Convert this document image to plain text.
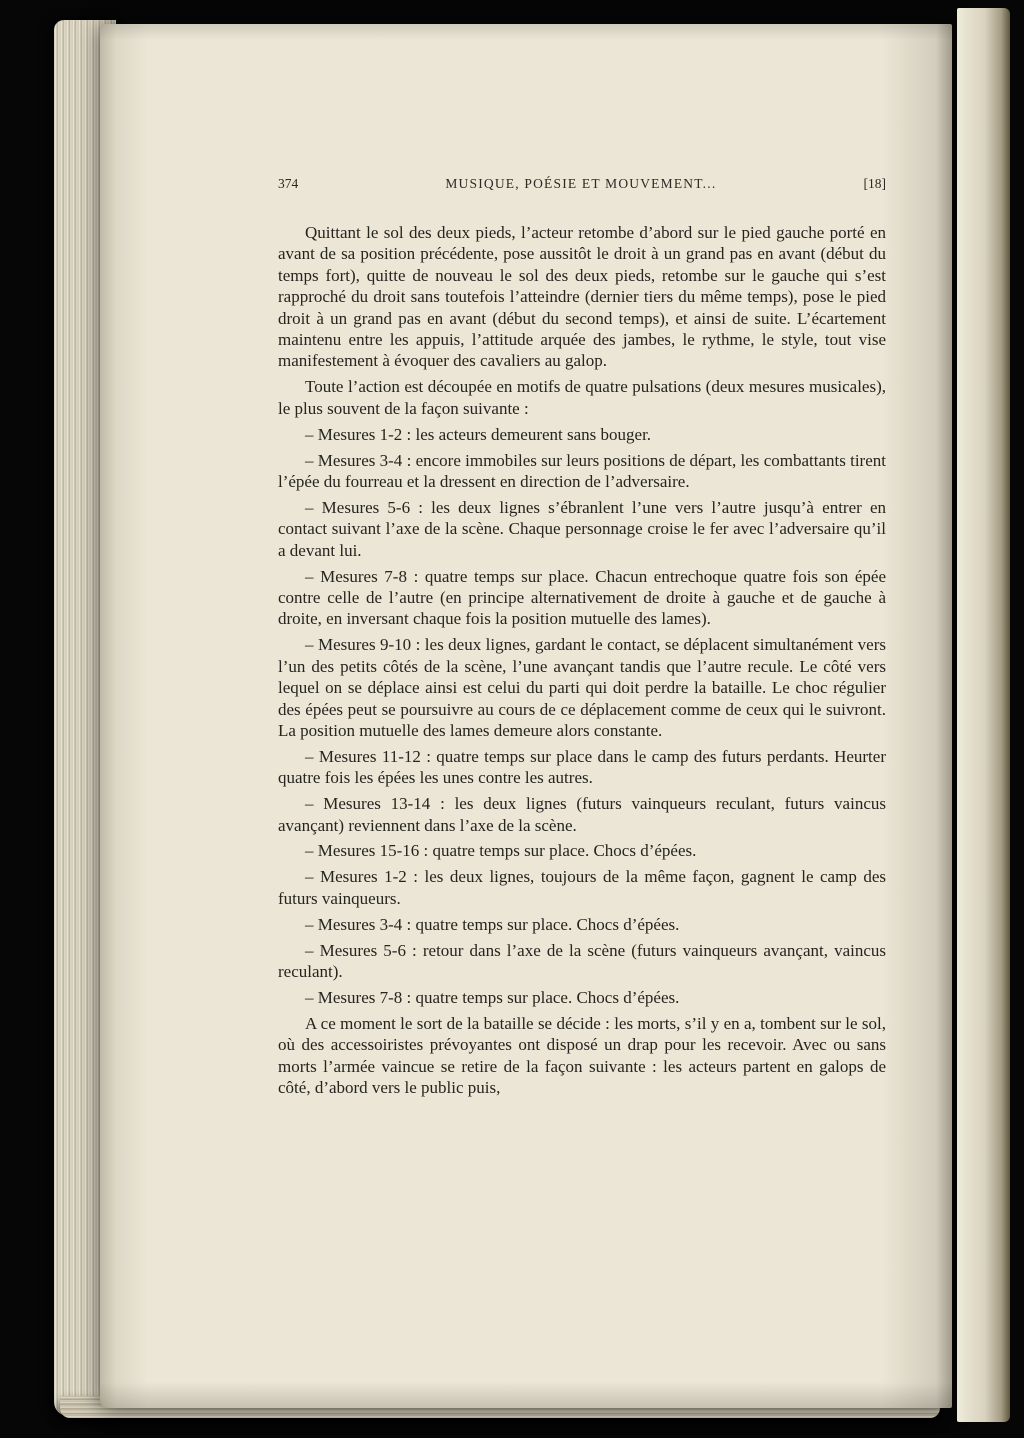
374	MUSIQUE, POÉSIE ET MOUVEMENT...	[18]

Quittant le sol des deux pieds, l’acteur retombe d’abord sur le pied gauche porté en avant de sa position précédente, pose aussitôt le droit à un grand pas en avant (début du temps fort), quitte de nouveau le sol des deux pieds, retombe sur le gauche qui s’est rapproché du droit sans toutefois l’atteindre (dernier tiers du même temps), pose le pied droit à un grand pas en avant (début du second temps), et ainsi de suite. L’écartement maintenu entre les appuis, l’attitude arquée des jambes, le rythme, le style, tout vise manifestement à évoquer des cavaliers au galop.

Toute l’action est découpée en motifs de quatre pulsations (deux mesures musicales), le plus souvent de la façon suivante :

– Mesures 1-2 : les acteurs demeurent sans bouger.

– Mesures 3-4 : encore immobiles sur leurs positions de départ, les combattants tirent l’épée du fourreau et la dressent en direction de l’adversaire.

– Mesures 5-6 : les deux lignes s’ébranlent l’une vers l’autre jusqu’à entrer en contact suivant l’axe de la scène. Chaque personnage croise le fer avec l’adversaire qu’il a devant lui.

– Mesures 7-8 : quatre temps sur place. Chacun entrechoque quatre fois son épée contre celle de l’autre (en principe alternativement de droite à gauche et de gauche à droite, en inversant chaque fois la position mutuelle des lames).

– Mesures 9-10 : les deux lignes, gardant le contact, se déplacent simultanément vers l’un des petits côtés de la scène, l’une avançant tandis que l’autre recule. Le côté vers lequel on se déplace ainsi est celui du parti qui doit perdre la bataille. Le choc régulier des épées peut se poursuivre au cours de ce déplacement comme de ceux qui le suivront. La position mutuelle des lames demeure alors constante.

– Mesures 11-12 : quatre temps sur place dans le camp des futurs perdants. Heurter quatre fois les épées les unes contre les autres.

– Mesures 13-14 : les deux lignes (futurs vainqueurs reculant, futurs vaincus avançant) reviennent dans l’axe de la scène.

– Mesures 15-16 : quatre temps sur place. Chocs d’épées.

– Mesures 1-2 : les deux lignes, toujours de la même façon, gagnent le camp des futurs vainqueurs.

– Mesures 3-4 : quatre temps sur place. Chocs d’épées.

– Mesures 5-6 : retour dans l’axe de la scène (futurs vainqueurs avançant, vaincus reculant).

– Mesures 7-8 : quatre temps sur place. Chocs d’épées.

A ce moment le sort de la bataille se décide : les morts, s’il y en a, tombent sur le sol, où des accessoiristes prévoyantes ont disposé un drap pour les recevoir. Avec ou sans morts l’armée vaincue se retire de la façon suivante : les acteurs partent en galops de côté, d’abord vers le public puis,
